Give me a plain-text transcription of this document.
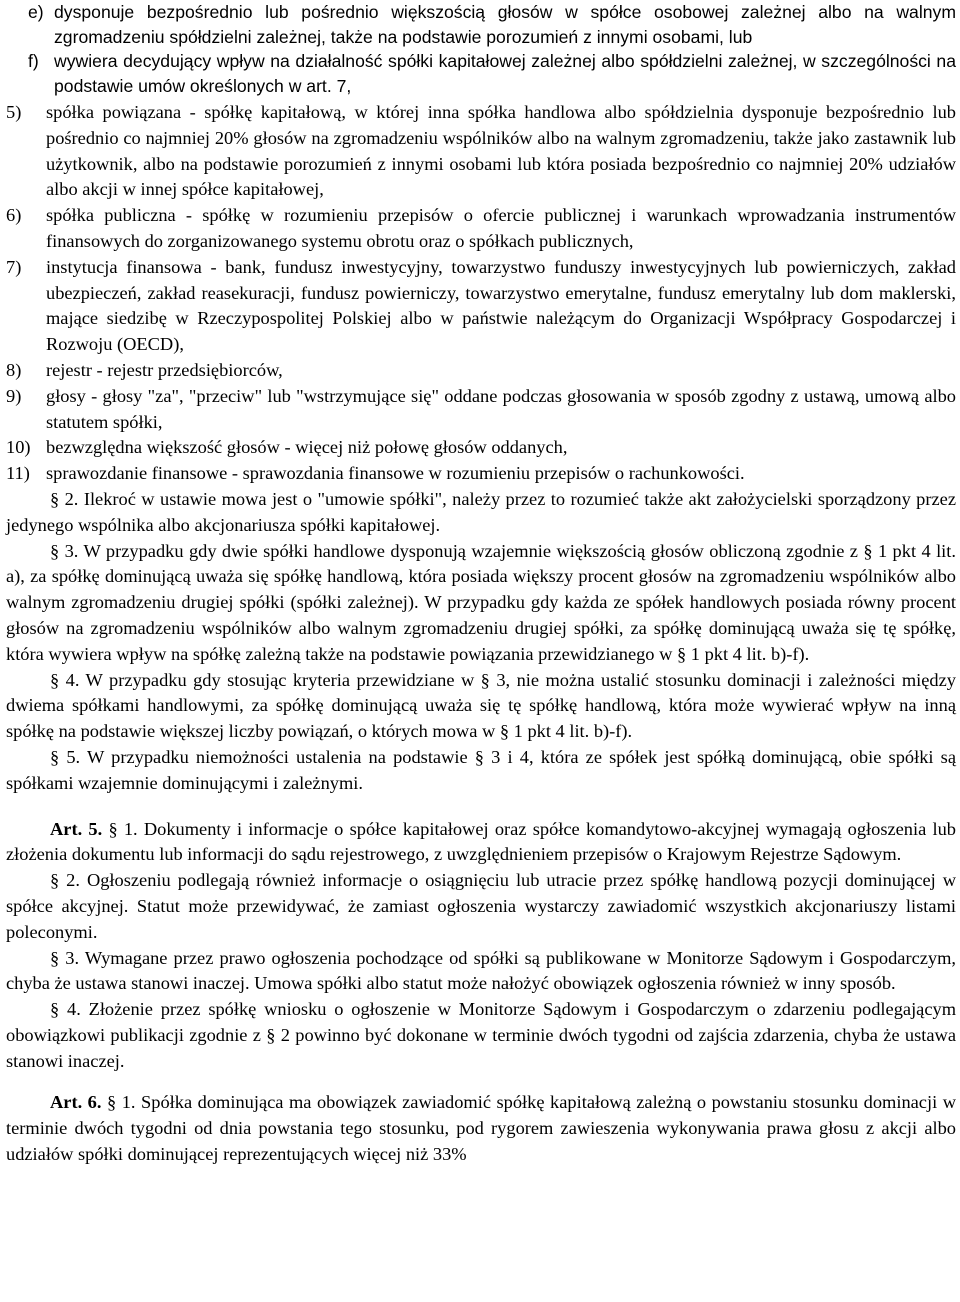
e) dysponuje bezpośrednio lub pośrednio większością głosów w spółce osobowej zależnej albo na walnym zgromadzeniu spółdzielni zależnej, także na podstawie porozumień z innymi osobami, lub
f) wywiera decydujący wpływ na działalność spółki kapitałowej zależnej albo spółdzielni zależnej, w szczególności na podstawie umów określonych w art. 7,
5)	spółka powiązana - spółkę kapitałową, w której inna spółka handlowa albo spółdzielnia dysponuje bezpośrednio lub pośrednio co najmniej 20% głosów na zgromadzeniu wspólników albo na walnym zgromadzeniu, także jako zastawnik lub użytkownik, albo na podstawie porozumień z innymi osobami lub która posiada bezpośrednio co najmniej 20% udziałów albo akcji w innej spółce kapitałowej,
6)	spółka publiczna - spółkę w rozumieniu przepisów o ofercie publicznej i warunkach wprowadzania instrumentów finansowych do zorganizowanego systemu obrotu oraz o spółkach publicznych,
7)	instytucja finansowa - bank, fundusz inwestycyjny, towarzystwo funduszy inwestycyjnych lub powierniczych, zakład ubezpieczeń, zakład reasekuracji, fundusz powierniczy, towarzystwo emerytalne, fundusz emerytalny lub dom maklerski, mające siedzibę w Rzeczypospolitej Polskiej albo w państwie należącym do Organizacji Współpracy Gospodarczej i Rozwoju (OECD),
8)	rejestr - rejestr przedsiębiorców,
9)	głosy - głosy "za", "przeciw" lub "wstrzymujące się" oddane podczas głosowania w sposób zgodny z ustawą, umową albo statutem spółki,
10) bezwzględna większość głosów - więcej niż połowę głosów oddanych,
11) sprawozdanie finansowe - sprawozdania finansowe w rozumieniu przepisów o rachunkowości.

§ 2. Ilekroć w ustawie mowa jest o "umowie spółki", należy przez to rozumieć także akt założycielski sporządzony przez jedynego wspólnika albo akcjonariusza spółki kapitałowej.

§ 3. W przypadku gdy dwie spółki handlowe dysponują wzajemnie większością głosów obliczoną zgodnie z § 1 pkt 4 lit. a), za spółkę dominującą uważa się spółkę handlową, która posiada większy procent głosów na zgromadzeniu wspólników albo walnym zgromadzeniu drugiej spółki (spółki zależnej). W przypadku gdy każda ze spółek handlowych posiada równy procent głosów na zgromadzeniu wspólników albo walnym zgromadzeniu drugiej spółki, za spółkę dominującą uważa się tę spółkę, która wywiera wpływ na spółkę zależną także na podstawie powiązania przewidzianego w § 1 pkt 4 lit. b)-f).

§ 4. W przypadku gdy stosując kryteria przewidziane w § 3, nie można ustalić stosunku dominacji i zależności między dwiema spółkami handlowymi, za spółkę dominującą uważa się tę spółkę handlową, która może wywierać wpływ na inną spółkę na podstawie większej liczby powiązań, o których mowa w § 1 pkt 4 lit. b)-f).

§ 5. W przypadku niemożności ustalenia na podstawie § 3 i 4, która ze spółek jest spółką dominującą, obie spółki są spółkami wzajemnie dominującymi i zależnymi.

Art. 5. § 1. Dokumenty i informacje o spółce kapitałowej oraz spółce komandytowo-akcyjnej wymagają ogłoszenia lub złożenia dokumentu lub informacji do sądu rejestrowego, z uwzględnieniem przepisów o Krajowym Rejestrze Sądowym.

§ 2. Ogłoszeniu podlegają również informacje o osiągnięciu lub utracie przez spółkę handlową pozycji dominującej w spółce akcyjnej. Statut może przewidywać, że zamiast ogłoszenia wystarczy zawiadomić wszystkich akcjonariuszy listami poleconymi.

§ 3. Wymagane przez prawo ogłoszenia pochodzące od spółki są publikowane w Monitorze Sądowym i Gospodarczym, chyba że ustawa stanowi inaczej. Umowa spółki albo statut może nałożyć obowiązek ogłoszenia również w inny sposób.

§ 4. Złożenie przez spółkę wniosku o ogłoszenie w Monitorze Sądowym i Gospodarczym o zdarzeniu podlegającym obowiązkowi publikacji zgodnie z § 2 powinno być dokonane w terminie dwóch tygodni od zajścia zdarzenia, chyba że ustawa stanowi inaczej.

Art. 6. § 1. Spółka dominująca ma obowiązek zawiadomić spółkę kapitałową zależną o powstaniu stosunku dominacji w terminie dwóch tygodni od dnia powstania tego stosunku, pod rygorem zawieszenia wykonywania prawa głosu z akcji albo udziałów spółki dominującej reprezentujących więcej niż 33%
